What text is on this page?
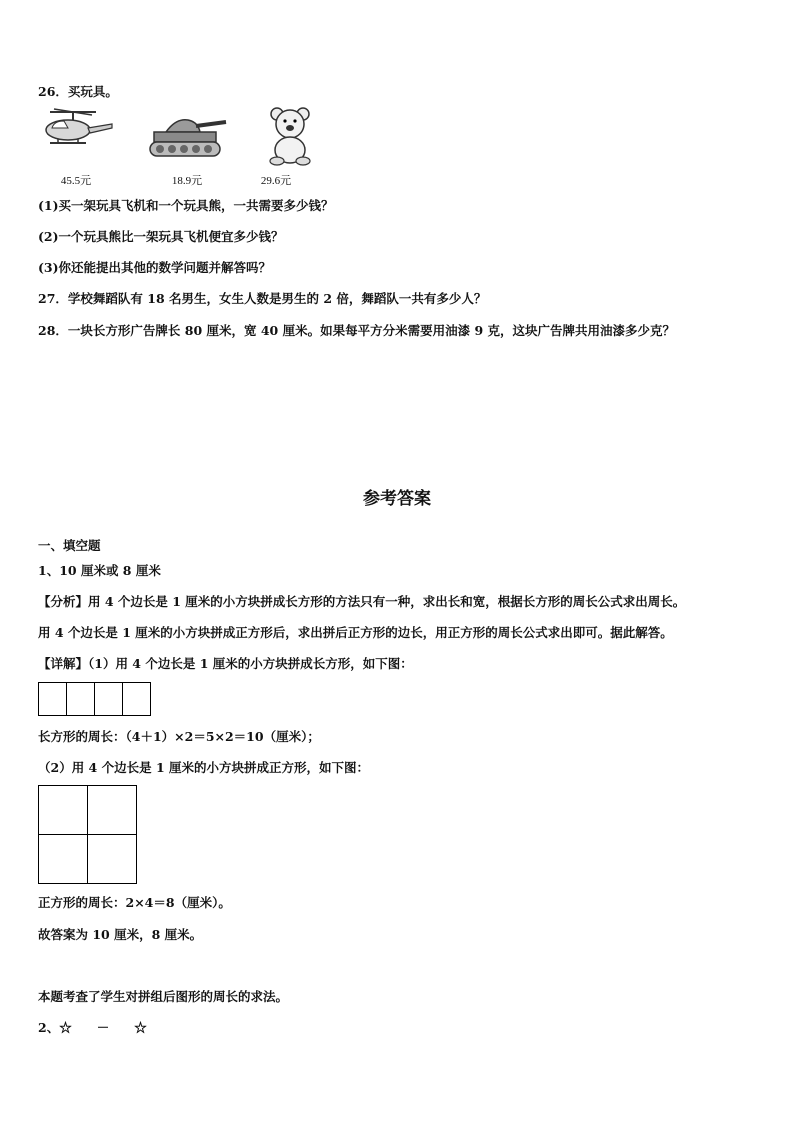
26．买玩具。
45.5元	18.9元	29.6元
(1)买一架玩具飞机和一个玩具熊，一共需要多少钱？
(2)一个玩具熊比一架玩具飞机便宜多少钱？
(3)你还能提出其他的数学问题并解答吗？
27．学校舞蹈队有 18 名男生，女生人数是男生的 2 倍，舞蹈队一共有多少人？
28．一块长方形广告牌长 80 厘米，宽 40 厘米。如果每平方分米需要用油漆 9 克，这块广告牌共用油漆多少克？
参考答案
一、填空题
1、10 厘米或 8 厘米
【分析】用 4 个边长是 1 厘米的小方块拼成长方形的方法只有一种，求出长和宽，根据长方形的周长公式求出周长。
用 4 个边长是 1 厘米的小方块拼成正方形后，求出拼后正方形的边长，用正方形的周长公式求出即可。据此解答。
【详解】（1）用 4 个边长是 1 厘米的小方块拼成长方形，如下图：
长方形的周长：（4＋1）×2＝5×2＝10（厘米）；
（2）用 4 个边长是 1 厘米的小方块拼成正方形，如下图：
正方形的周长：2×4＝8（厘米）。
故答案为 10 厘米，8 厘米。
本题考查了学生对拼组后图形的周长的求法。
2、☆　　－　　☆
